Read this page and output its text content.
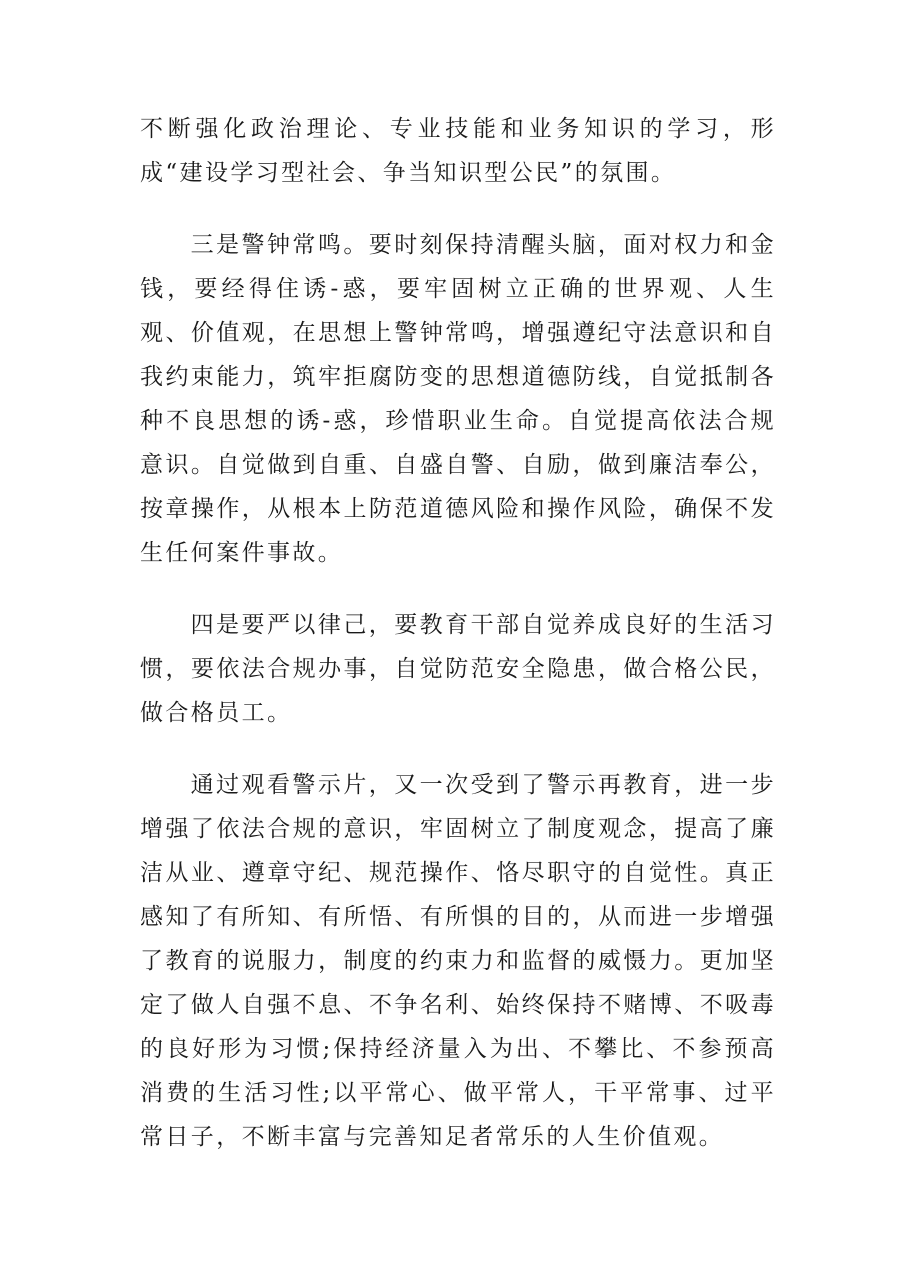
不断强化政治理论、专业技能和业务知识的学习，形成“建设学习型社会、争当知识型公民”的氛围。

三是警钟常鸣。要时刻保持清醒头脑，面对权力和金钱，要经得住诱-惑，要牢固树立正确的世界观、人生观、价值观，在思想上警钟常鸣，增强遵纪守法意识和自我约束能力，筑牢拒腐防变的思想道德防线，自觉抵制各种不良思想的诱-惑，珍惜职业生命。自觉提高依法合规意识。自觉做到自重、自盛自警、自励，做到廉洁奉公，按章操作，从根本上防范道德风险和操作风险，确保不发生任何案件事故。

四是要严以律己，要教育干部自觉养成良好的生活习惯，要依法合规办事，自觉防范安全隐患，做合格公民，做合格员工。

通过观看警示片，又一次受到了警示再教育，进一步增强了依法合规的意识，牢固树立了制度观念，提高了廉洁从业、遵章守纪、规范操作、恪尽职守的自觉性。真正感知了有所知、有所悟、有所惧的目的，从而进一步增强了教育的说服力，制度的约束力和监督的威慑力。更加坚定了做人自强不息、不争名利、始终保持不赌博、不吸毒的良好形为习惯;保持经济量入为出、不攀比、不参预高消费的生活习性;以平常心、做平常人，干平常事、过平常日子，不断丰富与完善知足者常乐的人生价值观。
